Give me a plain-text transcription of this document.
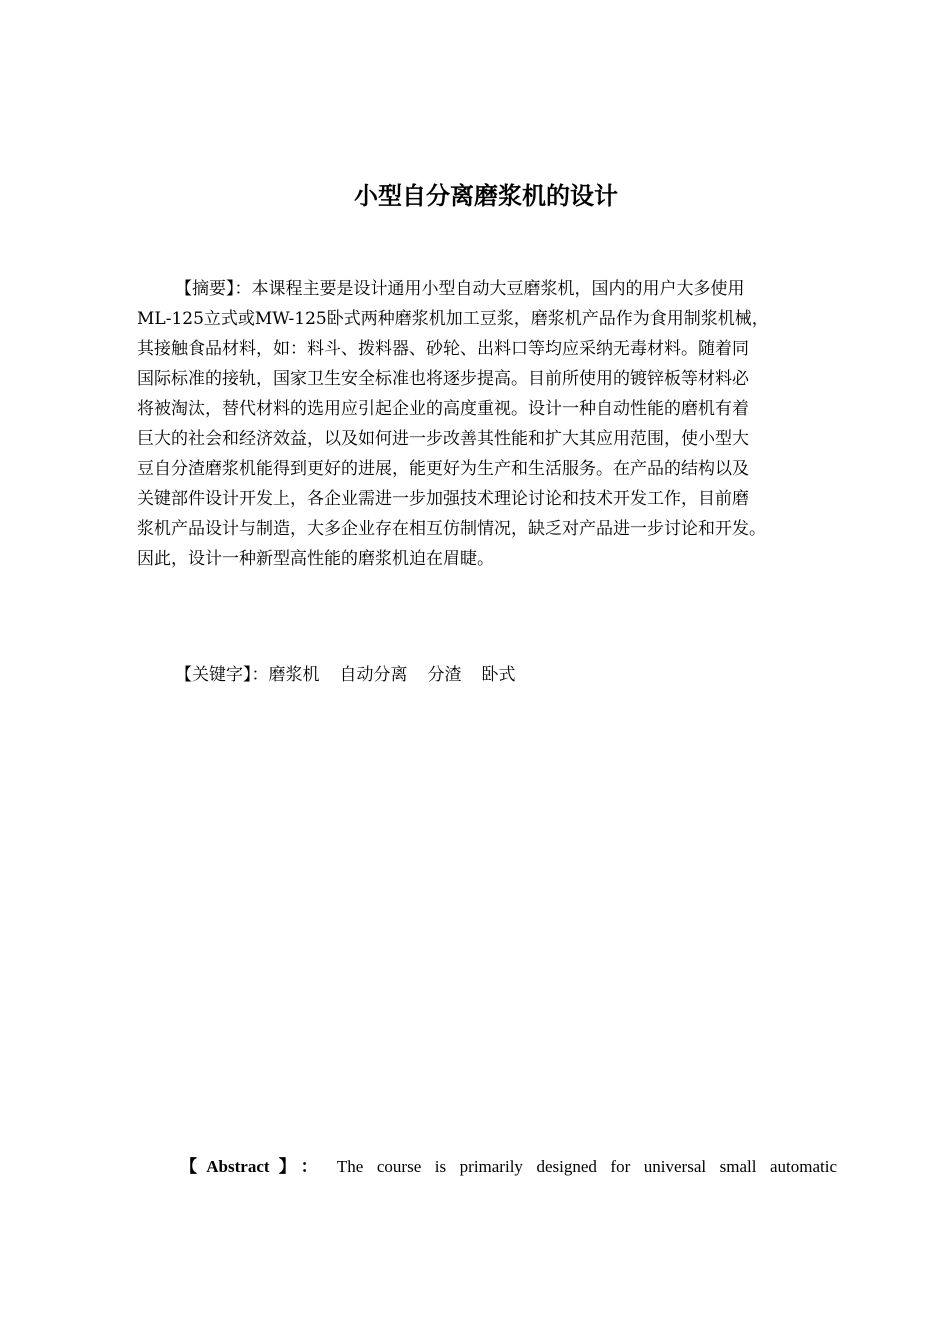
小型自分离磨浆机的设计
【摘要】：本课程主要是设计通用小型自动大豆磨浆机，国内的用户大多使用
ML-125立式或MW-125卧式两种磨浆机加工豆浆，磨浆机产品作为食用制浆机械，
其接触食品材料，如：料斗、拨料器、砂轮、出料口等均应采纳无毒材料。随着同
国际标准的接轨，国家卫生安全标准也将逐步提高。目前所使用的镀锌板等材料必
将被淘汰，替代材料的选用应引起企业的高度重视。设计一种自动性能的磨机有着
巨大的社会和经济效益，以及如何进一步改善其性能和扩大其应用范围，使小型大
豆自分渣磨浆机能得到更好的进展，能更好为生产和生活服务。在产品的结构以及
关键部件设计开发上，各企业需进一步加强技术理论讨论和技术开发工作，目前磨
浆机产品设计与制造，大多企业存在相互仿制情况，缺乏对产品进一步讨论和开发。
因此，设计一种新型高性能的磨浆机迫在眉睫。
【关键字】：磨浆机 自动分离 分渣 卧式
【Abstract】 ： The course is primarily designed for universal small automatic
